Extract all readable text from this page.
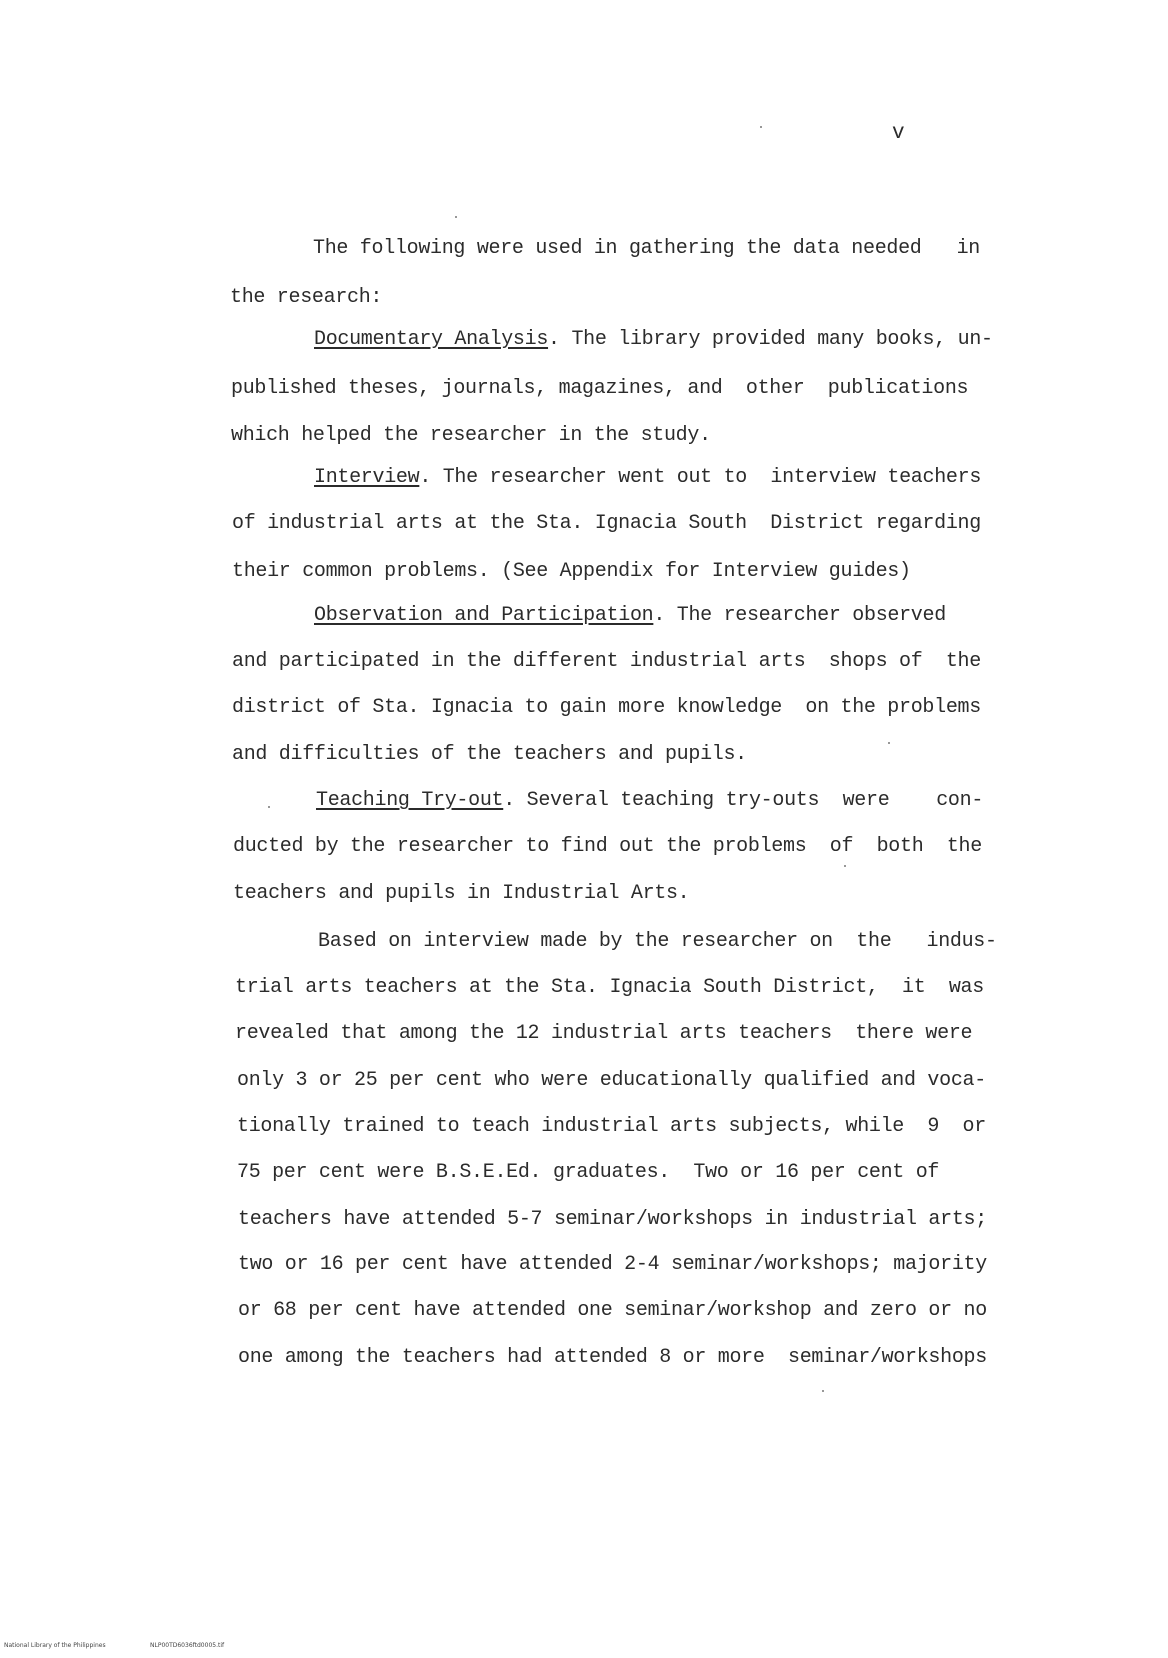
v
The following were used in gathering the data needed   in
the research:
Documentary Analysis. The library provided many books, un-
published theses, journals, magazines, and  other  publications
which helped the researcher in the study.
Interview. The researcher went out to  interview teachers
of industrial arts at the Sta. Ignacia South  District regarding
their common problems. (See Appendix for Interview guides)
Observation and Participation. The researcher observed
and participated in the different industrial arts  shops of  the
district of Sta. Ignacia to gain more knowledge  on the problems
and difficulties of the teachers and pupils.
Teaching Try-out. Several teaching try-outs  were    con-
ducted by the researcher to find out the problems  of  both  the
teachers and pupils in Industrial Arts.
Based on interview made by the researcher on  the   indus-
trial arts teachers at the Sta. Ignacia South District,  it  was
revealed that among the 12 industrial arts teachers  there were
only 3 or 25 per cent who were educationally qualified and voca-
tionally trained to teach industrial arts subjects, while  9  or
75 per cent were B.S.E.Ed. graduates.  Two or 16 per cent of
teachers have attended 5-7 seminar/workshops in industrial arts;
two or 16 per cent have attended 2-4 seminar/workshops; majority
or 68 per cent have attended one seminar/workshop and zero or no
one among the teachers had attended 8 or more  seminar/workshops
National Library of the Philippines	NLP00TD6036ftd0005.tif
